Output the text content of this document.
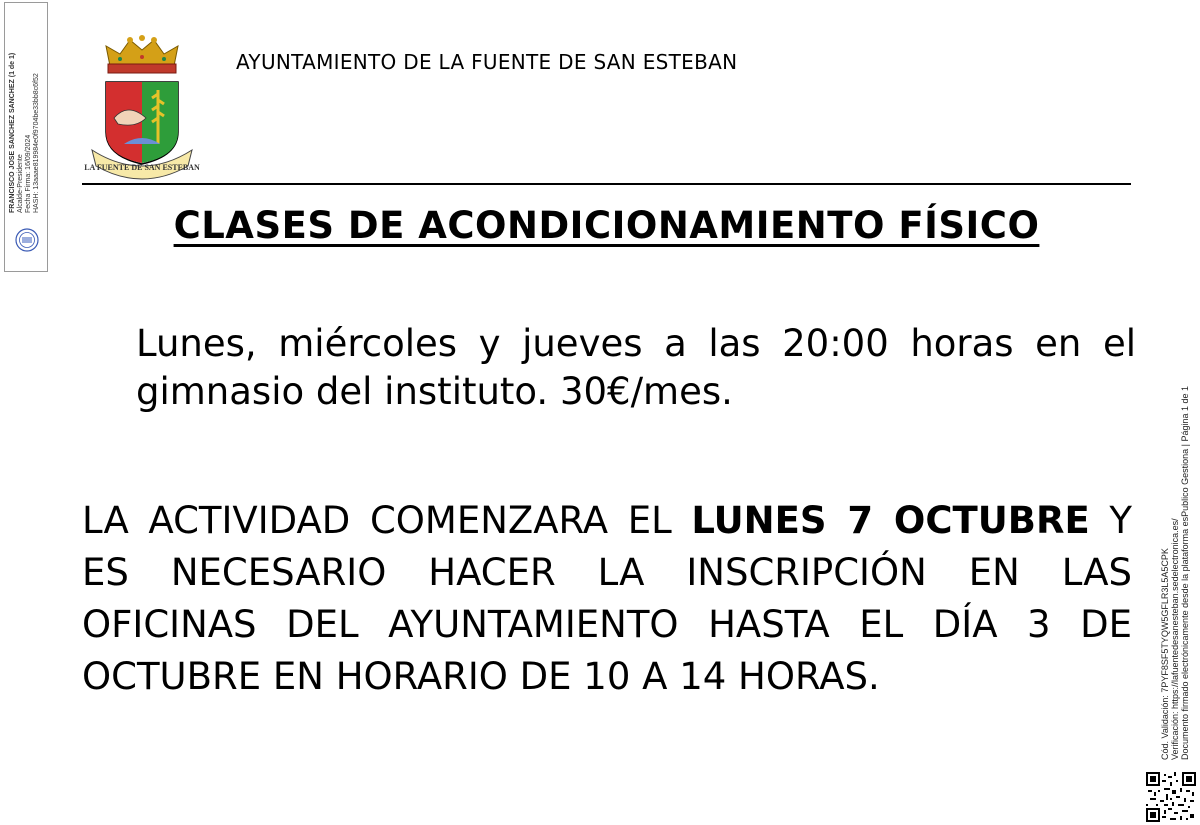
FRANCISCO JOSE SANCHEZ SANCHEZ (1 de 1) Alcalde-Presidente Fecha Firma: 16/09/2024 HASH: 13aaae819984e0f9704be33bb8c6f52	LA FUENTE DE SAN ESTEBAN
AYUNTAMIENTO DE LA FUENTE DE SAN ESTEBAN
CLASES DE ACONDICIONAMIENTO FÍSICO
Lunes, miércoles y jueves a las 20:00 horas en el gimnasio del instituto. 30€/mes.
LA ACTIVIDAD COMENZARA EL LUNES 7 OCTUBRE Y ES NECESARIO HACER LA INSCRIPCIÓN EN LAS OFICINAS DEL AYUNTAMIENTO HASTA EL DÍA 3 DE OCTUBRE EN HORARIO DE 10 A 14 HORAS.	Cód. Validación: 7PYF8SF5TYQW5GFLR3L5A5CPK Verificación: https://lafuentedesanesteban.sedelectronica.es/ Documento firmado electrónicamente desde la plataforma esPublico Gestiona | Página 1 de 1
